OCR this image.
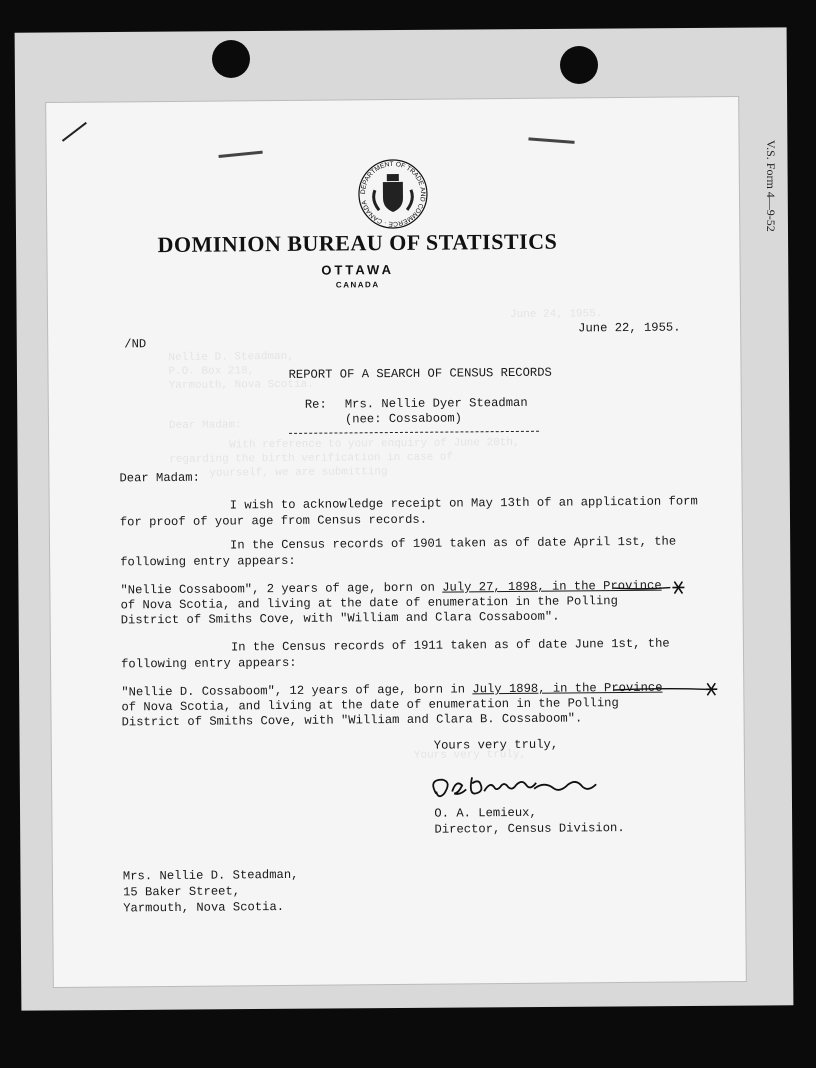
V.S. Form 4—9-52
June 24, 1955.
Nellie D. Steadman,
P.O. Box 218,
Yarmouth, Nova Scotia.
Dear Madam:
With reference to your enquiry of June 20th,
regarding the birth verification in case of
yourself, we are submitting
Yours very truly,
DEPARTMENT OF TRADE AND COMMERCE · CANADA
DOMINION BUREAU OF STATISTICS
OTTAWA
CANADA
/ND
June 22, 1955.
REPORT OF A SEARCH OF CENSUS RECORDS
Re: Mrs. Nellie Dyer Steadman
(nee: Cossaboom)
Dear Madam:
I wish to acknowledge receipt on May 13th of an application form
for proof of your age from Census records.
In the Census records of 1901 taken as of date April 1st, the
following entry appears:
"Nellie Cossaboom", 2 years of age, born on July 27, 1898, in the Province
of Nova Scotia, and living at the date of enumeration in the Polling
District of Smiths Cove, with "William and Clara Cossaboom".
In the Census records of 1911 taken as of date June 1st, the
following entry appears:
"Nellie D. Cossaboom", 12 years of age, born in July 1898, in the Province
of Nova Scotia, and living at the date of enumeration in the Polling
District of Smiths Cove, with "William and Clara B. Cossaboom".
Yours very truly,
O. A. Lemieux,
Director, Census Division.
Mrs. Nellie D. Steadman,
15 Baker Street,
Yarmouth, Nova Scotia.
